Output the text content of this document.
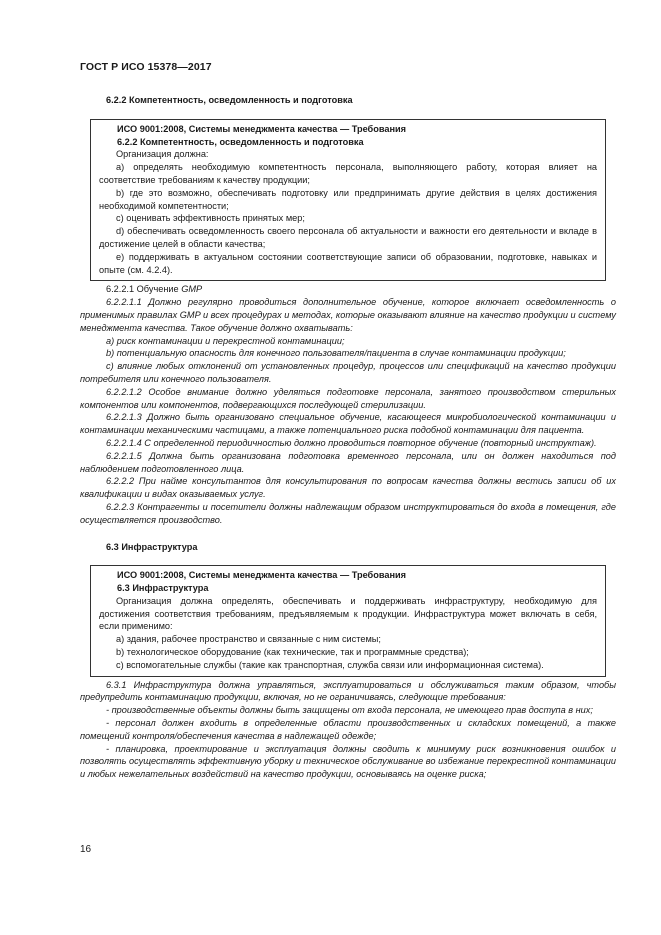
ГОСТ Р ИСО 15378—2017
6.2.2 Компетентность, осведомленность и подготовка
ИСО 9001:2008, Системы менеджмента качества — Требования
6.2.2 Компетентность, осведомленность и подготовка

Организация должна:

а) определять необходимую компетентность персонала, выполняющего работу, которая влияет на соответствие требованиям к качеству продукции;

b) где это возможно, обеспечивать подготовку или предпринимать другие действия в целях достижения необходимой компетентности;

с) оценивать эффективность принятых мер;

d) обеспечивать осведомленность своего персонала об актуальности и важности его деятельности и вкладе в достижение целей в области качества;

е) поддерживать в актуальном состоянии соответствующие записи об образовании, подготовке, навыках и опыте (см. 4.2.4).

6.2.2.1 Обучение GMP

6.2.2.1.1 Должно регулярно проводиться дополнительное обучение, которое включает осведомленность о применимых правилах GMP и всех процедурах и методах, которые оказывают влияние на качество продукции и систему менеджмента качества. Такое обучение должно охватывать:

а) риск контаминации и перекрестной контаминации;

b) потенциальную опасность для конечного пользователя/пациента в случае контаминации продукции;

с) влияние любых отклонений от установленных процедур, процессов или спецификаций на качество продукции потребителя или конечного пользователя.

6.2.2.1.2 Особое внимание должно уделяться подготовке персонала, занятого производством стерильных компонентов или компонентов, подвергающихся последующей стерилизации.

6.2.2.1.3 Должно быть организовано специальное обучение, касающееся микробиологической контаминации и контаминации механическими частицами, а также потенциального риска подобной контаминации для пациента.

6.2.2.1.4 С определенной периодичностью должно проводиться повторное обучение (повторный инструктаж).

6.2.2.1.5 Должна быть организована подготовка временного персонала, или он должен находиться под наблюдением подготовленного лица.

6.2.2.2 При найме консультантов для консультирования по вопросам качества должны вестись записи об их квалификации и видах оказываемых услуг.

6.2.2.3 Контрагенты и посетители должны надлежащим образом инструктироваться до входа в помещения, где осуществляется производство.

6.3 Инфраструктура
ИСО 9001:2008, Системы менеджмента качества — Требования
6.3 Инфраструктура

Организация должна определять, обеспечивать и поддерживать инфраструктуру, необходимую для достижения соответствия требованиям, предъявляемым к продукции. Инфраструктура может включать в себя, если применимо:

а) здания, рабочее пространство и связанные с ним системы;

b) технологическое оборудование (как технические, так и программные средства);

с) вспомогательные службы (такие как транспортная, служба связи или информационная система).

6.3.1 Инфраструктура должна управляться, эксплуатироваться и обслуживаться таким образом, чтобы предупредить контаминацию продукции, включая, но не ограничиваясь, следующие требования:

- производственные объекты должны быть защищены от входа персонала, не имеющего прав доступа в них;

- персонал должен входить в определенные области производственных и складских помещений, а также помещений контроля/обеспечения качества в надлежащей одежде;

- планировка, проектирование и эксплуатация должны сводить к минимуму риск возникновения ошибок и позволять осуществлять эффективную уборку и техническое обслуживание во избежание перекрестной контаминации и любых нежелательных воздействий на качество продукции, основываясь на оценке риска;

16
